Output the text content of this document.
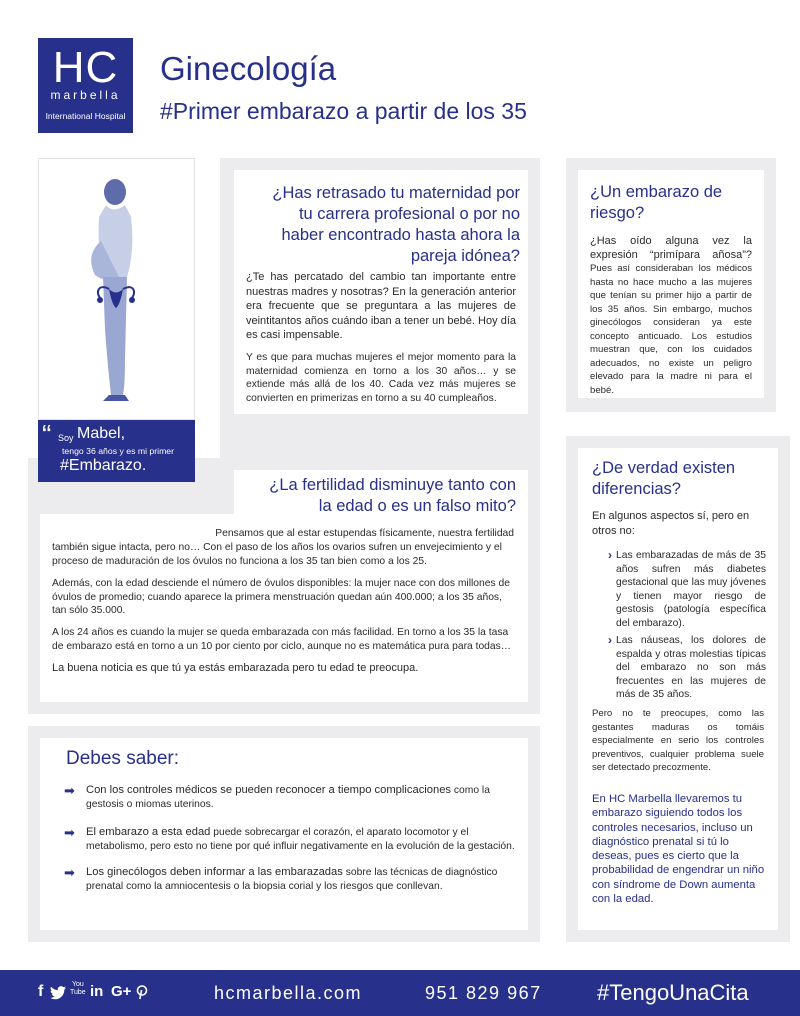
HC
marbella
International Hospital
Ginecología
#Primer embarazo a partir de los 35
“ Soy Mabel,
tengo 36 años y es mi primer
#Embarazo.
¿Has retrasado tu maternidad por tu carrera profesional o por no haber encontrado hasta ahora la pareja idónea?
¿Te has percatado del cambio tan importante entre nuestras madres y nosotras? En la generación anterior era frecuente que se preguntara a las mujeres de veintitantos años cuándo iban a tener un bebé. Hoy día es casi impensable.
Y es que para muchas mujeres el mejor momento para la maternidad comienza en torno a los 30 años… y se extiende más allá de los 40. Cada vez más mujeres se convierten en primerizas en torno a su 40 cumpleaños.
¿La fertilidad disminuye tanto con la edad o es un falso mito?
Pensamos que al estar estupendas físicamente, nuestra fertilidad
también sigue intacta, pero no… Con el paso de los años los ovarios sufren un envejecimiento y el proceso de maduración de los óvulos no funciona a los 35 tan bien como a los 25.
Además, con la edad desciende el número de óvulos disponibles: la mujer nace con dos millones de óvulos de promedio; cuando aparece la primera menstruación quedan aún 400.000; a los 35 años, tan sólo 35.000.
A los 24 años es cuando la mujer se queda embarazada con más facilidad. En torno a los 35 la tasa de embarazo está en torno a un 10 por ciento por ciclo, aunque no es matemática pura para todas…
La buena noticia es que tú ya estás embarazada pero tu edad te preocupa.
Debes saber:
➡ Con los controles médicos se pueden reconocer a tiempo complicaciones como la gestosis o miomas uterinos.
➡ El embarazo a esta edad puede sobrecargar el corazón, el aparato locomotor y el metabolismo, pero esto no tiene por qué influir negativamente en la evolución de la gestación.
➡ Los ginecólogos deben informar a las embarazadas sobre las técnicas de diagnóstico prenatal como la amniocentesis o la biopsia corial y los riesgos que conllevan.
¿Un embarazo de riesgo?
¿Has oído alguna vez la expresión “primípara añosa”? Pues así consideraban los médicos hasta no hace mucho a las mujeres que tenían su primer hijo a partir de los 35 años. Sin embargo, muchos ginecólogos consideran ya este concepto anticuado. Los estudios muestran que, con los cuidados adecuados, no existe un peligro elevado para la madre ni para el bebé.
¿De verdad existen diferencias?
En algunos aspectos sí, pero en otros no:
› Las embarazadas de más de 35 años sufren más diabetes gestacional que las muy jóvenes y tienen mayor riesgo de gestosis (patología específica del embarazo).
› Las náuseas, los dolores de espalda y otras molestias típicas del embarazo no son más frecuentes en las mujeres de más de 35 años.
Pero no te preocupes, como las gestantes maduras os tomáis especialmente en serio los controles preventivos, cualquier problema suele ser detectado precozmente.
En HC Marbella llevaremos tu embarazo siguiendo todos los controles necesarios, incluso un diagnóstico prenatal si tú lo deseas, pues es cierto que la probabilidad de engendrar un niño con síndrome de Down aumenta con la edad.
f	You
Tube in G+	hcmarbella.com	951 829 967	#TengoUnaCita
